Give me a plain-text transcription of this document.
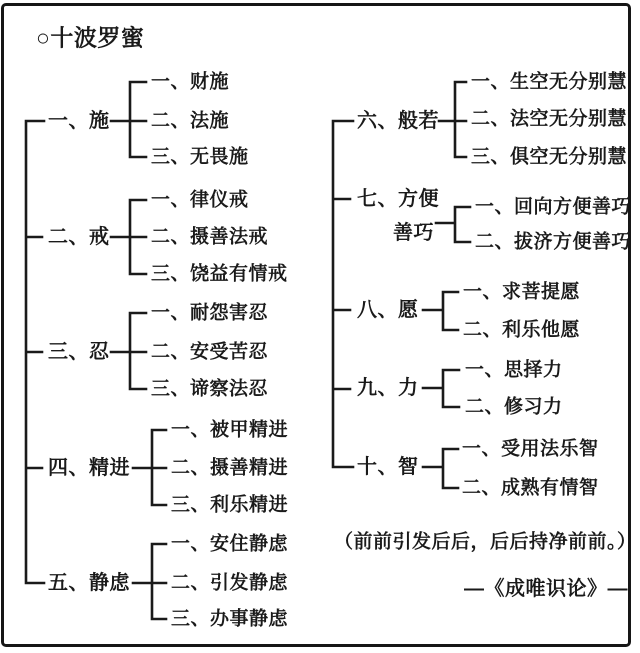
○十波罗蜜
一、施
二、戒
三、忍
四、精进
五、静虑
一、财施
二、法施
三、无畏施
一、律仪戒
二、摄善法戒
三、饶益有情戒
一、耐怨害忍
二、安受苦忍
三、谛察法忍
一、被甲精进
二、摄善精进
三、利乐精进
一、安住静虑
二、引发静虑
三、办事静虑
六、般若
七、方便
善巧
八、愿
九、力
十、智
一、生空无分别慧
二、法空无分别慧
三、俱空无分别慧
一、回向方便善巧
二、拔济方便善巧
一、求菩提愿
二、利乐他愿
一、思择力
二、修习力
一、受用法乐智
二、成熟有情智
（前前引发后后，后后持净前前。）
—《成唯识论》—
